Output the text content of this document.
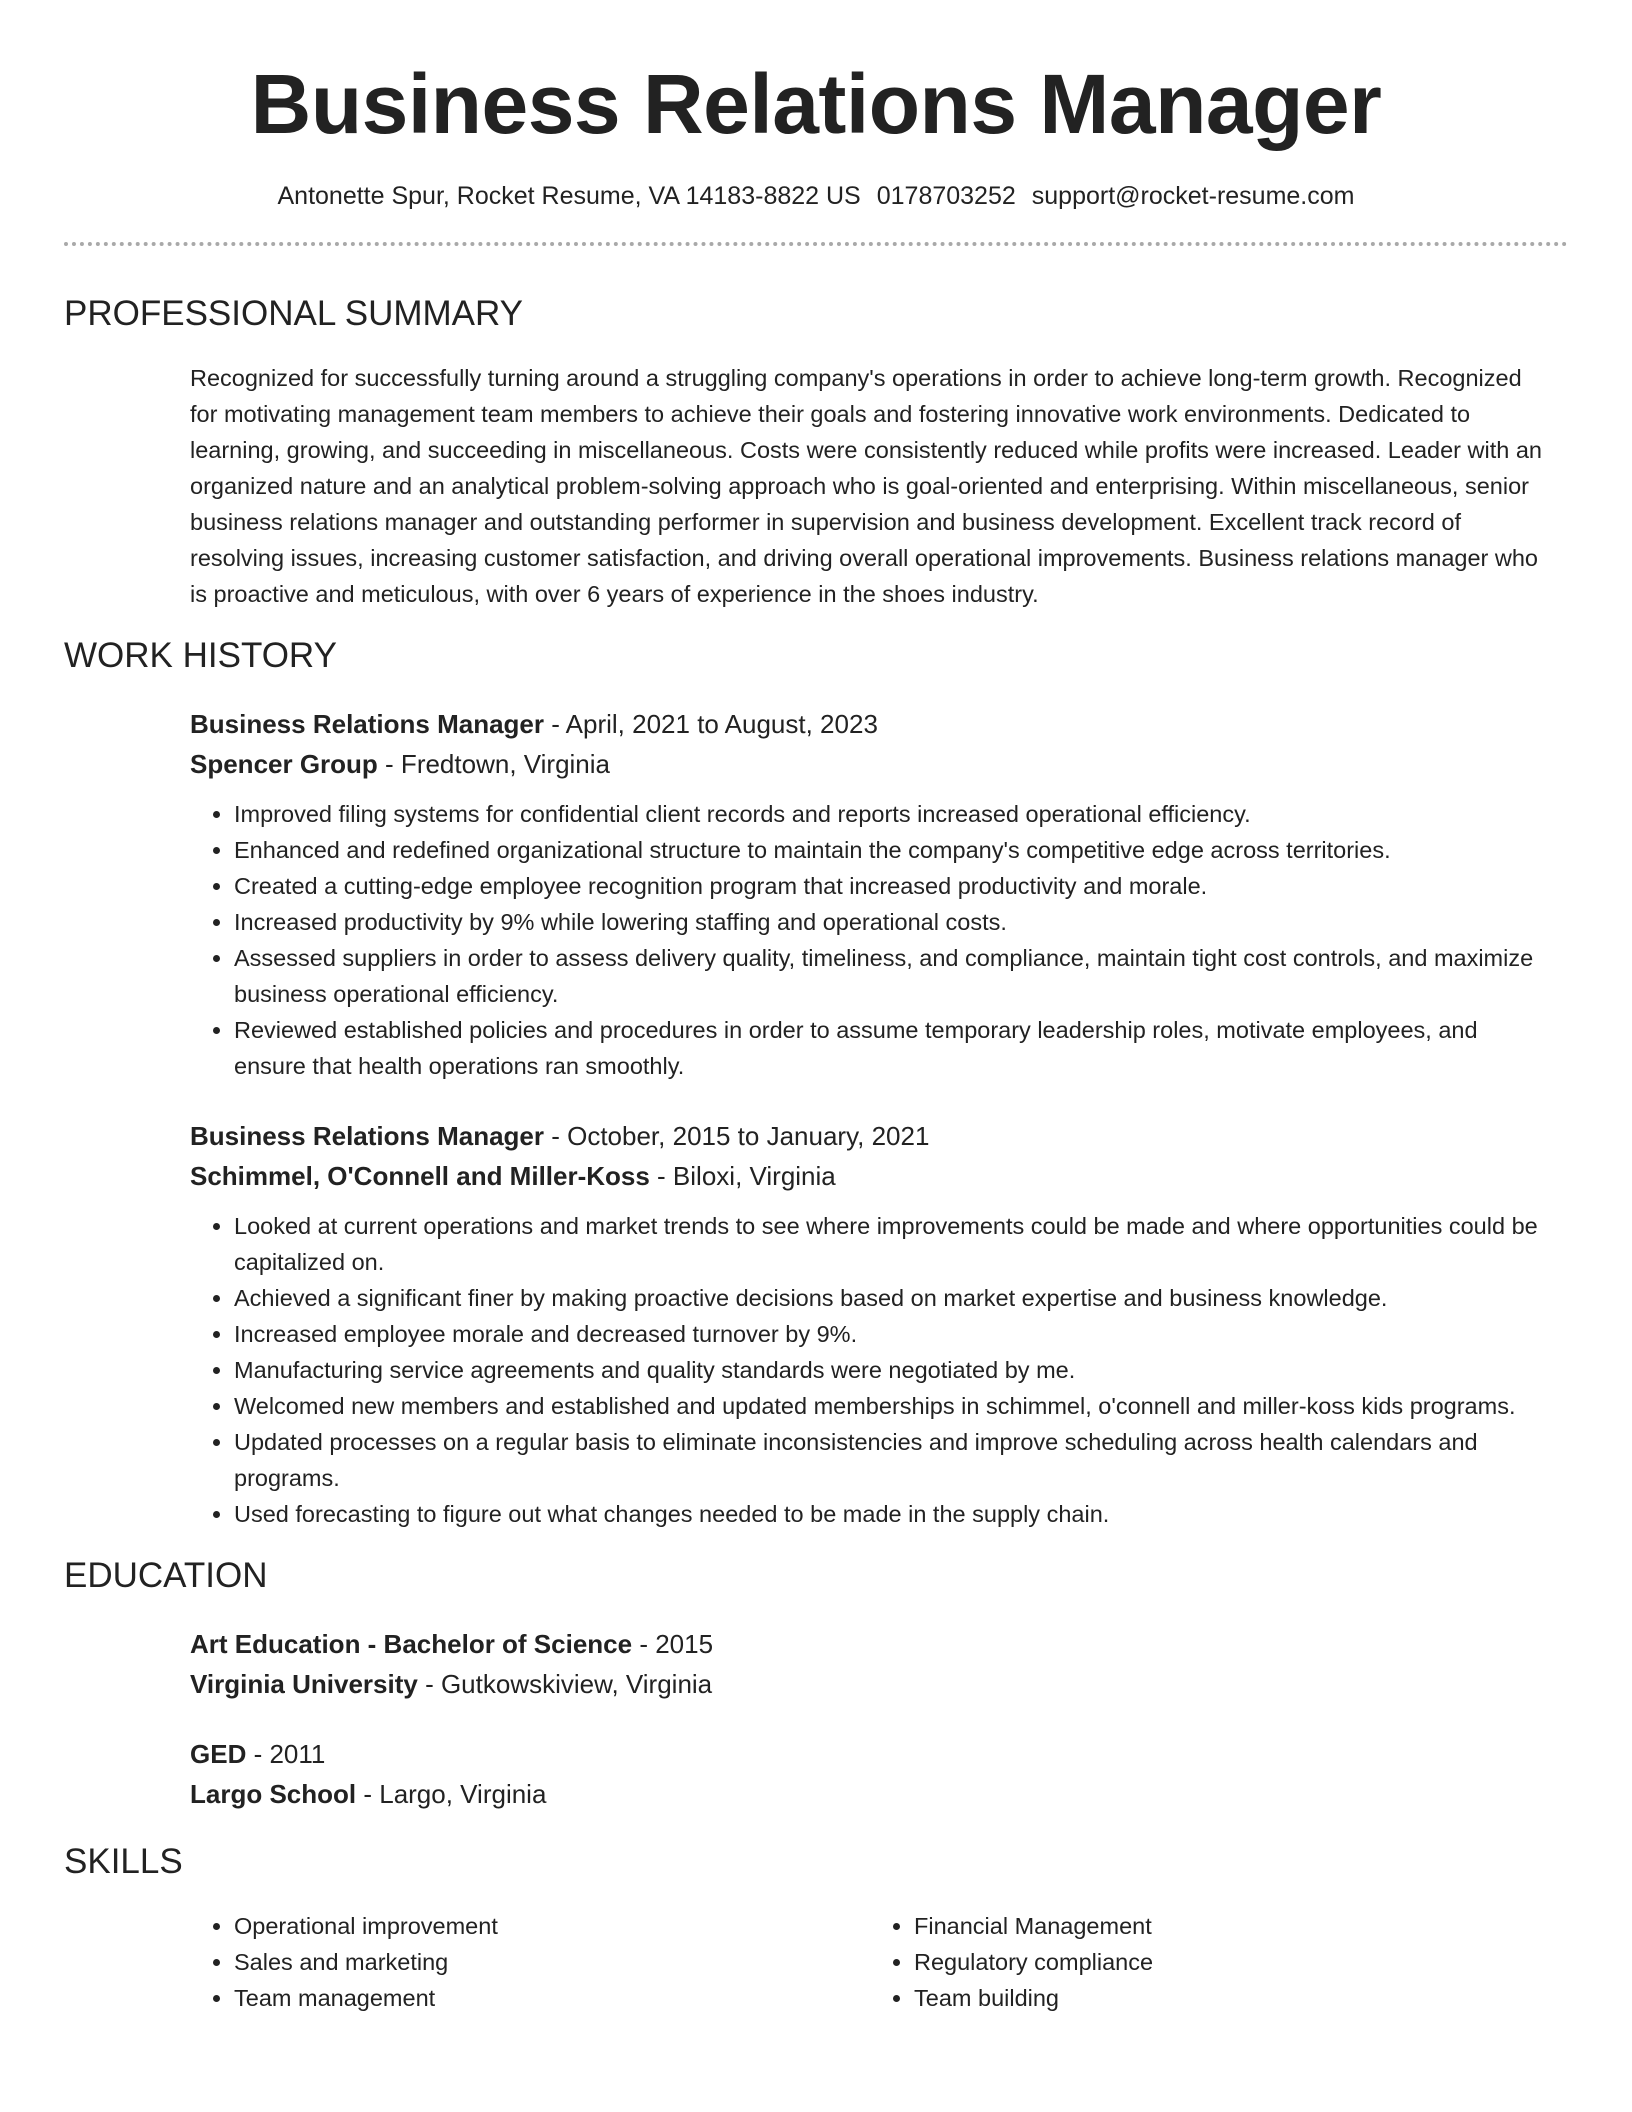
Business Relations Manager
Antonette Spur, Rocket Resume, VA 14183-8822 US 0178703252 support@rocket-resume.com
PROFESSIONAL SUMMARY
Recognized for successfully turning around a struggling company's operations in order to achieve long-term growth. Recognized for motivating management team members to achieve their goals and fostering innovative work environments. Dedicated to learning, growing, and succeeding in miscellaneous. Costs were consistently reduced while profits were increased. Leader with an organized nature and an analytical problem-solving approach who is goal-oriented and enterprising. Within miscellaneous, senior business relations manager and outstanding performer in supervision and business development. Excellent track record of resolving issues, increasing customer satisfaction, and driving overall operational improvements. Business relations manager who is proactive and meticulous, with over 6 years of experience in the shoes industry.
WORK HISTORY
Business Relations Manager - April, 2021 to August, 2023
Spencer Group - Fredtown, Virginia
• Improved filing systems for confidential client records and reports increased operational efficiency.
• Enhanced and redefined organizational structure to maintain the company's competitive edge across territories.
• Created a cutting-edge employee recognition program that increased productivity and morale.
• Increased productivity by 9% while lowering staffing and operational costs.
• Assessed suppliers in order to assess delivery quality, timeliness, and compliance, maintain tight cost controls, and maximize business operational efficiency.
• Reviewed established policies and procedures in order to assume temporary leadership roles, motivate employees, and ensure that health operations ran smoothly.
Business Relations Manager - October, 2015 to January, 2021
Schimmel, O'Connell and Miller-Koss - Biloxi, Virginia
• Looked at current operations and market trends to see where improvements could be made and where opportunities could be capitalized on.
• Achieved a significant finer by making proactive decisions based on market expertise and business knowledge.
• Increased employee morale and decreased turnover by 9%.
• Manufacturing service agreements and quality standards were negotiated by me.
• Welcomed new members and established and updated memberships in schimmel, o'connell and miller-koss kids programs.
• Updated processes on a regular basis to eliminate inconsistencies and improve scheduling across health calendars and programs.
• Used forecasting to figure out what changes needed to be made in the supply chain.
EDUCATION
Art Education - Bachelor of Science - 2015
Virginia University - Gutkowskiview, Virginia
GED - 2011
Largo School - Largo, Virginia
SKILLS
• Operational improvement
• Sales and marketing
• Team management
• Financial Management
• Regulatory compliance
• Team building
